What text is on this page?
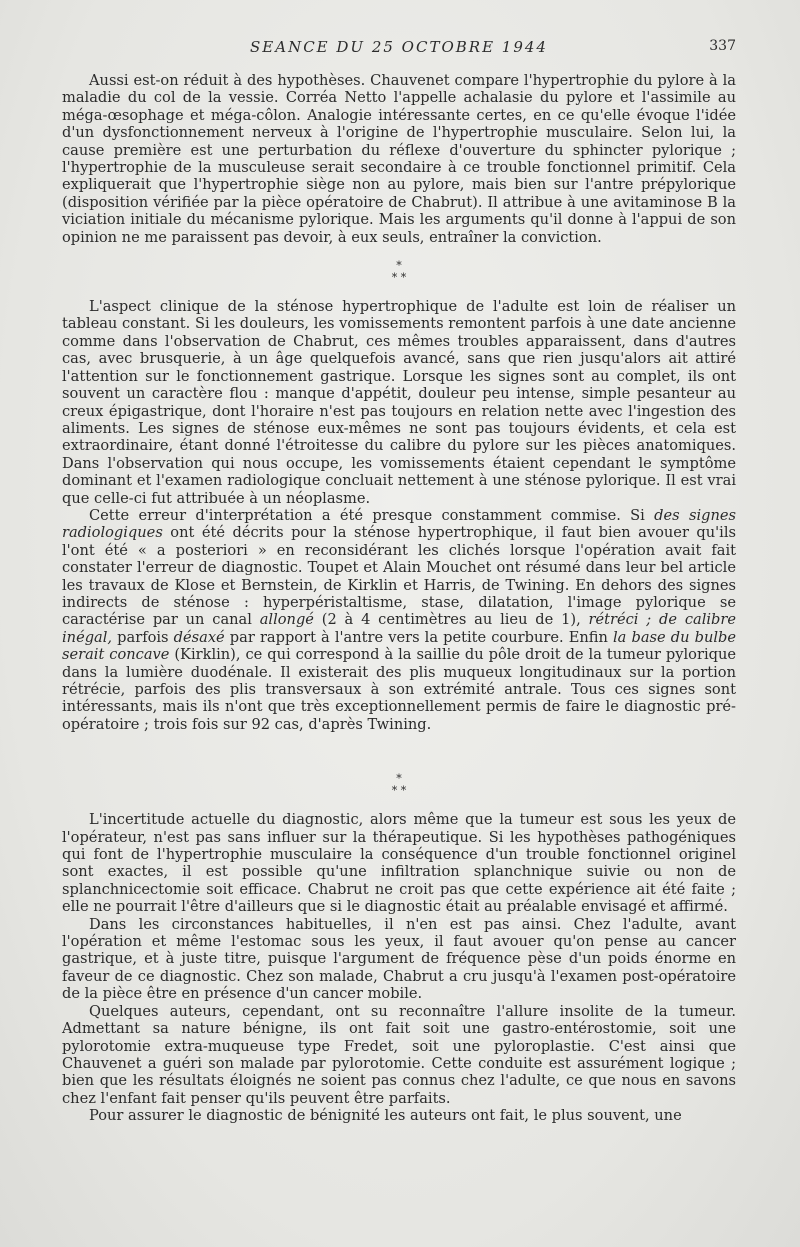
SEANCE DU 25 OCTOBRE 1944	337

Aussi est-on réduit à des hypothèses. Chauvenet compare l'hypertrophie du pylore à la maladie du col de la vessie. Corréa Netto l'appelle achalasie du pylore et l'assimile au méga-œsophage et méga-côlon. Analogie intéressante certes, en ce qu'elle évoque l'idée d'un dysfonctionnement nerveux à l'origine de l'hypertrophie musculaire. Selon lui, la cause première est une perturbation du réflexe d'ouverture du sphincter pylorique ; l'hypertrophie de la musculeuse serait secondaire à ce trouble fonctionnel primitif. Cela expliquerait que l'hypertrophie siège non au pylore, mais bien sur l'antre prépylorique (disposition vérifiée par la pièce opératoire de Chabrut). Il attribue à une avitaminose B la viciation initiale du mécanisme pylorique. Mais les arguments qu'il donne à l'appui de son opinion ne me paraissent pas devoir, à eux seuls, entraîner la conviction.

*
* *

L'aspect clinique de la sténose hypertrophique de l'adulte est loin de réaliser un tableau constant. Si les douleurs, les vomissements remontent parfois à une date ancienne comme dans l'observation de Chabrut, ces mêmes troubles apparaissent, dans d'autres cas, avec brusquerie, à un âge quelquefois avancé, sans que rien jusqu'alors ait attiré l'attention sur le fonctionnement gastrique. Lorsque les signes sont au complet, ils ont souvent un caractère flou : manque d'appétit, douleur peu intense, simple pesanteur au creux épigastrique, dont l'horaire n'est pas toujours en relation nette avec l'ingestion des aliments. Les signes de sténose eux-mêmes ne sont pas toujours évidents, et cela est extraordinaire, étant donné l'étroitesse du calibre du pylore sur les pièces anatomiques. Dans l'observation qui nous occupe, les vomissements étaient cependant le symptôme dominant et l'examen radiologique concluait nettement à une sténose pylorique. Il est vrai que celle-ci fut attribuée à un néoplasme.

Cette erreur d'interprétation a été presque constamment commise. Si des signes radiologiques ont été décrits pour la sténose hypertrophique, il faut bien avouer qu'ils l'ont été « a posteriori » en reconsidérant les clichés lorsque l'opération avait fait constater l'erreur de diagnostic. Toupet et Alain Mouchet ont résumé dans leur bel article les travaux de Klose et Bernstein, de Kirklin et Harris, de Twining. En dehors des signes indirects de sténose : hyperpéristaltisme, stase, dilatation, l'image pylorique se caractérise par un canal allongé (2 à 4 centimètres au lieu de 1), rétréci ; de calibre inégal, parfois désaxé par rapport à l'antre vers la petite courbure. Enfin la base du bulbe serait concave (Kirklin), ce qui correspond à la saillie du pôle droit de la tumeur pylorique dans la lumière duodénale. Il existerait des plis muqueux longitudinaux sur la portion rétrécie, parfois des plis transversaux à son extrémité antrale. Tous ces signes sont intéressants, mais ils n'ont que très exceptionnellement permis de faire le diagnostic pré-opératoire ; trois fois sur 92 cas, d'après Twining.

*
* *

L'incertitude actuelle du diagnostic, alors même que la tumeur est sous les yeux de l'opérateur, n'est pas sans influer sur la thérapeutique. Si les hypothèses pathogéniques qui font de l'hypertrophie musculaire la conséquence d'un trouble fonctionnel originel sont exactes, il est possible qu'une infiltration splanchnique suivie ou non de splanchnicectomie soit efficace. Chabrut ne croit pas que cette expérience ait été faite ; elle ne pourrait l'être d'ailleurs que si le diagnostic était au préalable envisagé et affirmé.

Dans les circonstances habituelles, il n'en est pas ainsi. Chez l'adulte, avant l'opération et même l'estomac sous les yeux, il faut avouer qu'on pense au cancer gastrique, et à juste titre, puisque l'argument de fréquence pèse d'un poids énorme en faveur de ce diagnostic. Chez son malade, Chabrut a cru jusqu'à l'examen post-opératoire de la pièce être en présence d'un cancer mobile.

Quelques auteurs, cependant, ont su reconnaître l'allure insolite de la tumeur. Admettant sa nature bénigne, ils ont fait soit une gastro-entérostomie, soit une pylorotomie extra-muqueuse type Fredet, soit une pyloroplastie. C'est ainsi que Chauvenet a guéri son malade par pylorotomie. Cette conduite est assurément logique ; bien que les résultats éloignés ne soient pas connus chez l'adulte, ce que nous en savons chez l'enfant fait penser qu'ils peuvent être parfaits.

Pour assurer le diagnostic de bénignité les auteurs ont fait, le plus souvent, une
